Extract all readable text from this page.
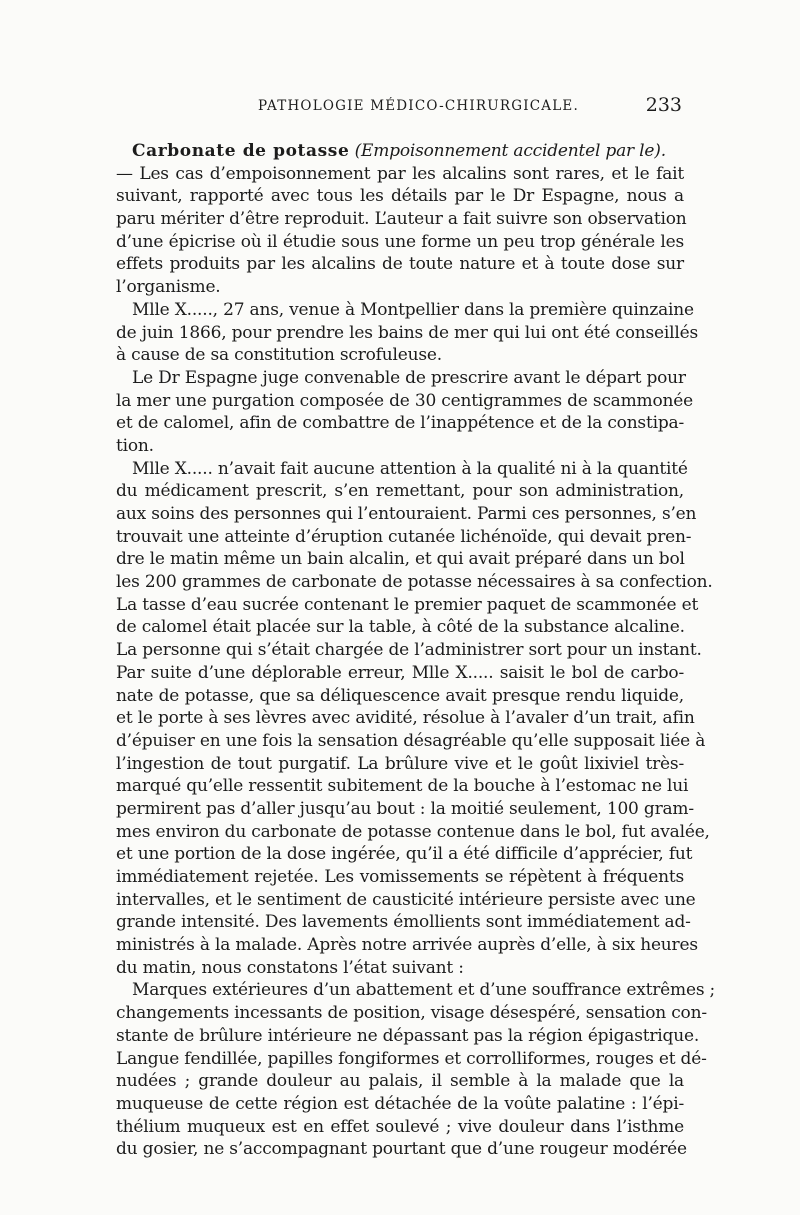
PATHOLOGIE MÉDICO-CHIRURGICALE.	233
Carbonate de potasse (Empoisonnement accidentel par le).
— Les cas d’empoisonnement par les alcalins sont rares, et le fait
suivant, rapporté avec tous les détails par le Dr Espagne, nous a
paru mériter d’être reproduit. L’auteur a fait suivre son observation
d’une épicrise où il étudie sous une forme un peu trop générale les
effets produits par les alcalins de toute nature et à toute dose sur
l’organisme.
Mlle X....., 27 ans, venue à Montpellier dans la première quinzaine
de juin 1866, pour prendre les bains de mer qui lui ont été conseillés
à cause de sa constitution scrofuleuse.
Le Dr Espagne juge convenable de prescrire avant le départ pour
la mer une purgation composée de 30 centigrammes de scammonée
et de calomel, afin de combattre de l’inappétence et de la constipa-
tion.
Mlle X..... n’avait fait aucune attention à la qualité ni à la quantité
du médicament prescrit, s’en remettant, pour son administration,
aux soins des personnes qui l’entouraient. Parmi ces personnes, s’en
trouvait une atteinte d’éruption cutanée lichénoïde, qui devait pren-
dre le matin même un bain alcalin, et qui avait préparé dans un bol
les 200 grammes de carbonate de potasse nécessaires à sa confection.
La tasse d’eau sucrée contenant le premier paquet de scammonée et
de calomel était placée sur la table, à côté de la substance alcaline.
La personne qui s’était chargée de l’administrer sort pour un instant.
Par suite d’une déplorable erreur, Mlle X..... saisit le bol de carbo-
nate de potasse, que sa déliquescence avait presque rendu liquide,
et le porte à ses lèvres avec avidité, résolue à l’avaler d’un trait, afin
d’épuiser en une fois la sensation désagréable qu’elle supposait liée à
l’ingestion de tout purgatif. La brûlure vive et le goût lixiviel très-
marqué qu’elle ressentit subitement de la bouche à l’estomac ne lui
permirent pas d’aller jusqu’au bout : la moitié seulement, 100 gram-
mes environ du carbonate de potasse contenue dans le bol, fut avalée,
et une portion de la dose ingérée, qu’il a été difficile d’apprécier, fut
immédiatement rejetée. Les vomissements se répètent à fréquents
intervalles, et le sentiment de causticité intérieure persiste avec une
grande intensité. Des lavements émollients sont immédiatement ad-
ministrés à la malade. Après notre arrivée auprès d’elle, à six heures
du matin, nous constatons l’état suivant :
Marques extérieures d’un abattement et d’une souffrance extrêmes ;
changements incessants de position, visage désespéré, sensation con-
stante de brûlure intérieure ne dépassant pas la région épigastrique.
Langue fendillée, papilles fongiformes et corrolliformes, rouges et dé-
nudées ; grande douleur au palais, il semble à la malade que la
muqueuse de cette région est détachée de la voûte palatine : l’épi-
thélium muqueux est en effet soulevé ; vive douleur dans l’isthme
du gosier, ne s’accompagnant pourtant que d’une rougeur modérée
